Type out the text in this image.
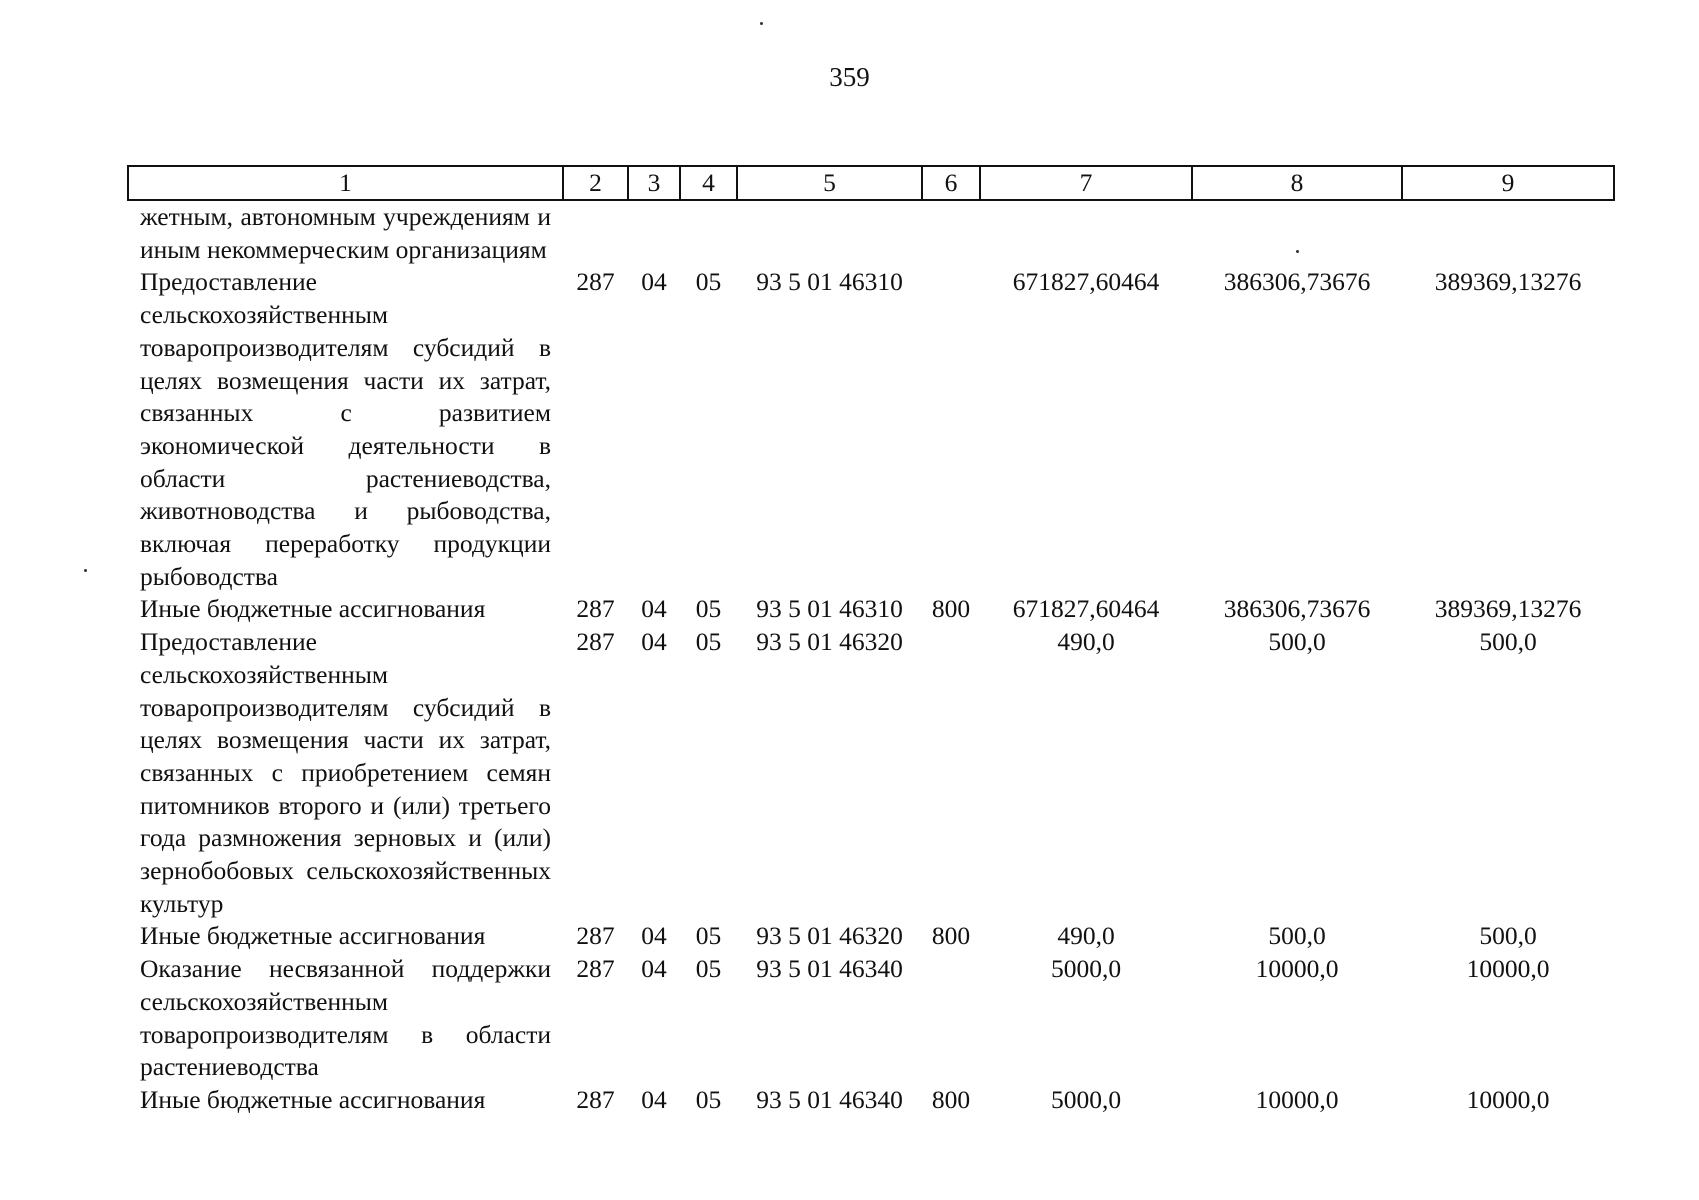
359
1	2	3	4	5	6	7	8	9
жетным, автономным учреждениям и иным некоммерческим организациям								
Предоставление сельскохозяйственным товаропроизводителям субсидий в целях возмещения части их затрат, связанных с развитием экономической деятельности в области растениеводства, животноводства и рыбоводства, включая переработку продукции рыбоводства	287	04	05	93 5 01 46310		671827,60464	386306,73676	389369,13276
Иные бюджетные ассигнования	287	04	05	93 5 01 46310	800	671827,60464	386306,73676	389369,13276
Предоставление сельскохозяйственным товаропроизводителям субсидий в целях возмещения части их затрат, связанных с приобретением семян питомников второго и (или) третьего года размножения зерновых и (или) зернобобовых сельскохозяйственных культур	287	04	05	93 5 01 46320		490,0	500,0	500,0
Иные бюджетные ассигнования	287	04	05	93 5 01 46320	800	490,0	500,0	500,0
Оказание несвязанной поддержки сельскохозяйственным товаропроизводителям в области растениеводства	287	04	05	93 5 01 46340		5000,0	10000,0	10000,0
Иные бюджетные ассигнования	287	04	05	93 5 01 46340	800	5000,0	10000,0	10000,0
